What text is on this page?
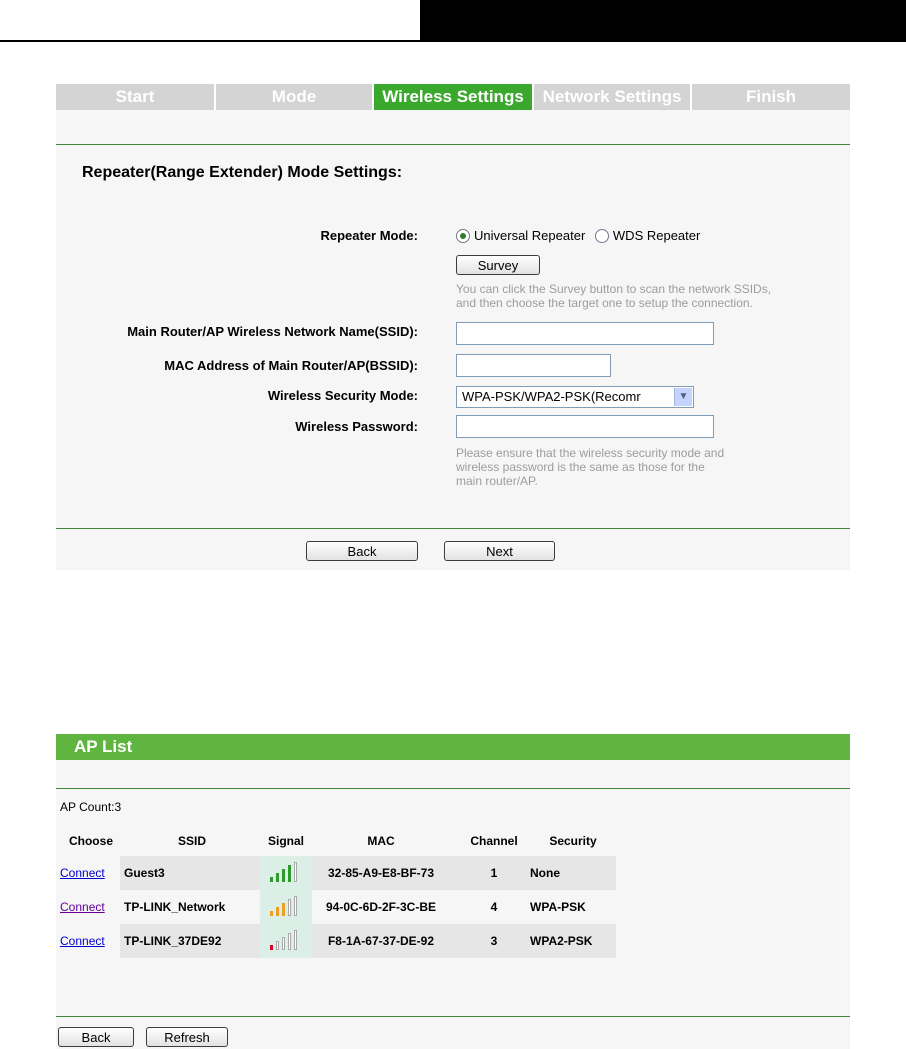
Start	Mode	Wireless Settings	Network Settings	Finish
Repeater(Range Extender) Mode Settings:
Repeater Mode:	Universal Repeater WDS Repeater
Survey
You can click the Survey button to scan the network SSIDs,
and then choose the target one to setup the connection.
Main Router/AP Wireless Network Name(SSID):
MAC Address of Main Router/AP(BSSID):
Wireless Security Mode:	WPA-PSK/WPA2-PSK(Recomr	▼
Wireless Password:
Please ensure that the wireless security mode and
wireless password is the same as those for the
main router/AP.
Back	Next
AP List
AP Count:3
Choose	SSID	Signal	MAC	Channel	Security
Connect Guest3	32-85-A9-E8-BF-73	1	None
Connect TP-LINK_Network	94-0C-6D-2F-3C-BE	4	WPA-PSK
Connect TP-LINK_37DE92	F8-1A-67-37-DE-92	3	WPA2-PSK
Back	Refresh
